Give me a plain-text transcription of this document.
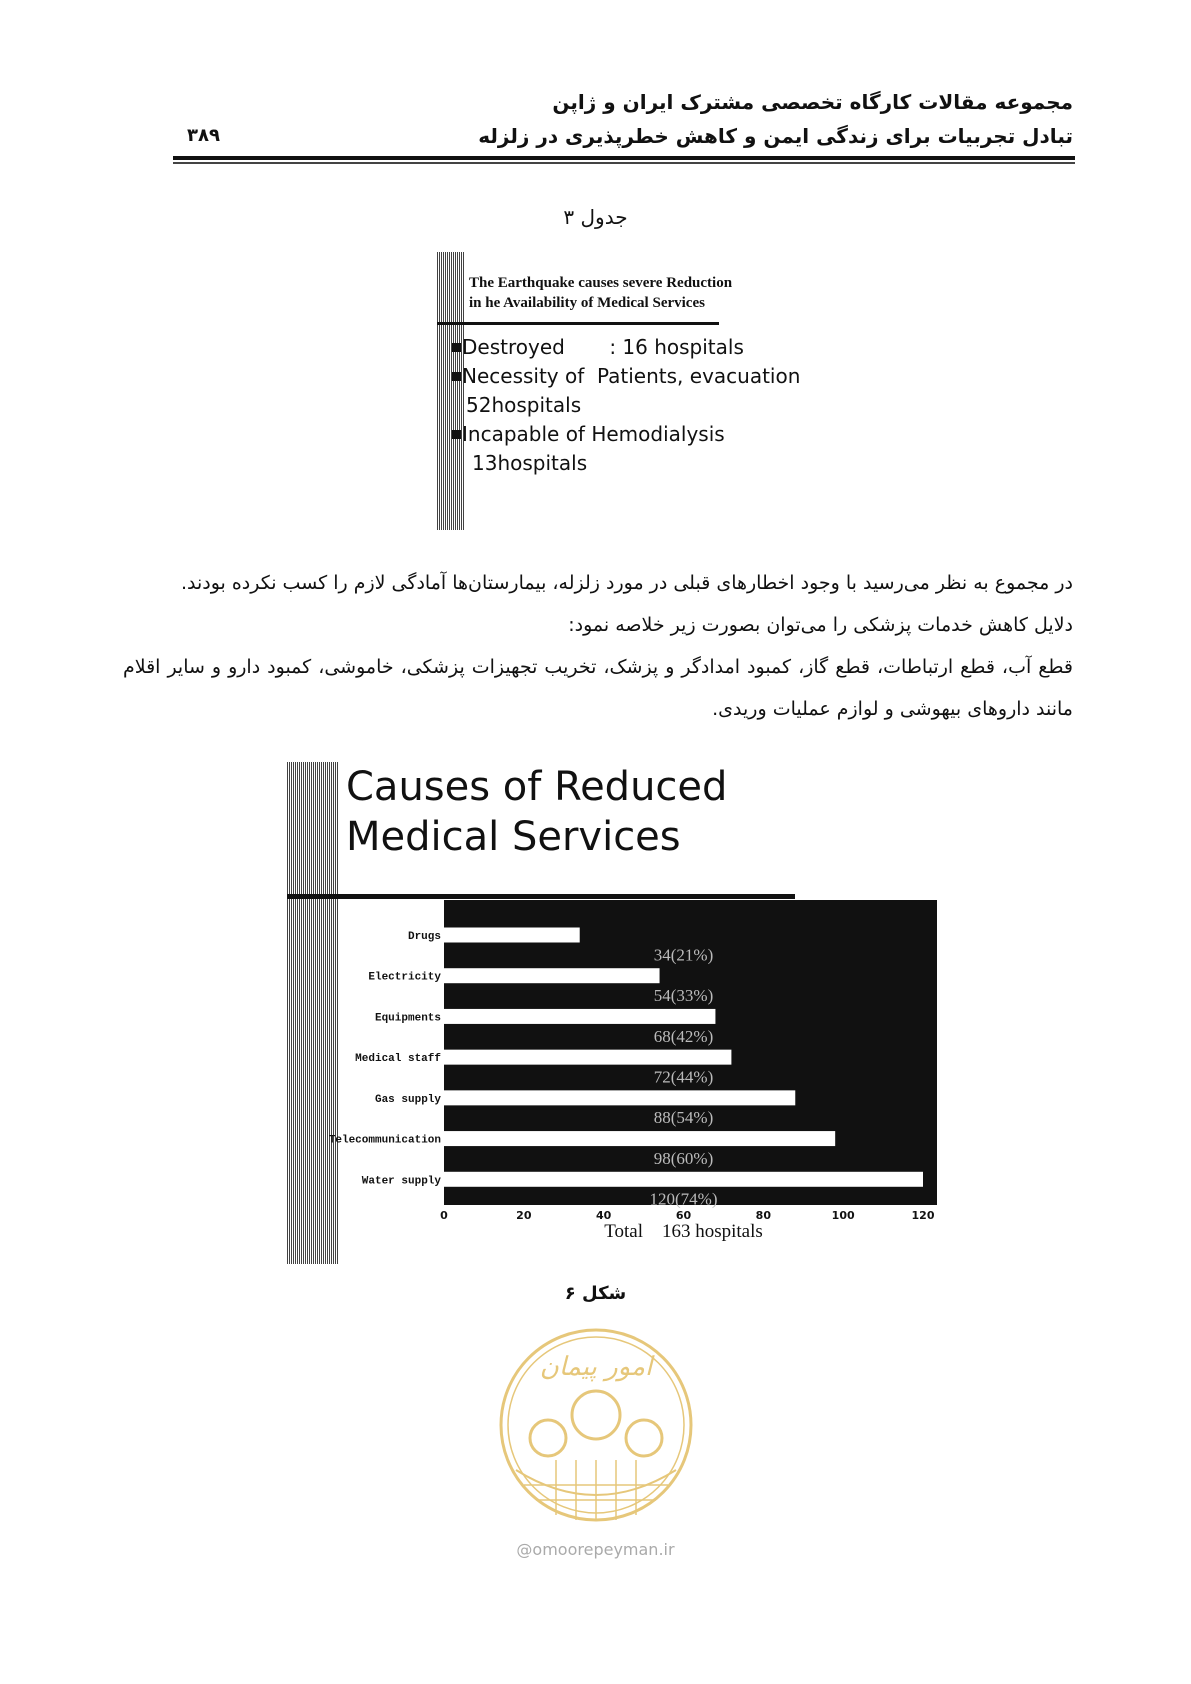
مجموعه مقالات کارگاه تخصصی مشترک ایران و ژاپن
تبادل تجربیات برای زندگی ایمن و کاهش خطرپذیری در زلزله
۳۸۹
جدول ۳
The Earthquake causes severe Reduction
in he Availability of Medical Services
Destroyed       : 16 hospitals
Necessity of  Patients, evacuation
52hospitals
Incapable of Hemodialysis
13hospitals

در مجموع به نظر می‌رسید با وجود اخطارهای قبلی در مورد زلزله، بیمارستان‌ها آمادگی لازم را کسب نکرده بودند.

دلایل کاهش خدمات پزشکی را می‌توان بصورت زیر خلاصه نمود:

قطع آب، قطع ارتباطات، قطع گاز، کمبود امدادگر و پزشک، تخریب تجهیزات پزشکی، خاموشی، کمبود دارو و سایر اقلام مانند داروهای بیهوشی و لوازم عملیات وریدی.

Causes of Reduced
Medical Services
Drugs
34(21%)
Electricity
54(33%)
Equipments
68(42%)
Medical staff
72(44%)
Gas supply
88(54%)
Telecommunication
98(60%)
Water supply
120(74%)
0	20	40	60	80	100	120
Total    163 hospitals
شکل ۶
امور پیمان
@omoorepeyman.ir
